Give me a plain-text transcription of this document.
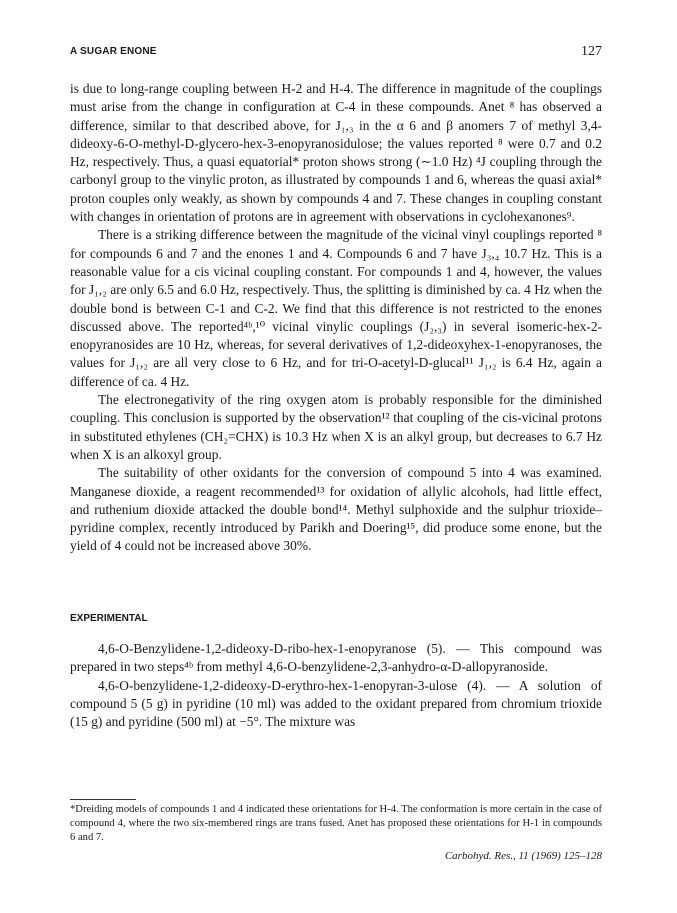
A SUGAR ENONE	127

is due to long-range coupling between H-2 and H-4. The difference in magnitude of the couplings must arise from the change in configuration at C-4 in these compounds. Anet ⁸ has observed a difference, similar to that described above, for J₁,₃ in the α 6 and β anomers 7 of methyl 3,4-dideoxy-6-O-methyl-D-glycero-hex-3-enopyranosidulose; the values reported ⁸ were 0.7 and 0.2 Hz, respectively. Thus, a quasi equatorial* proton shows strong (∼1.0 Hz) ⁴J coupling through the carbonyl group to the vinylic proton, as illustrated by compounds 1 and 6, whereas the quasi axial* proton couples only weakly, as shown by compounds 4 and 7. These changes in coupling constant with changes in orientation of protons are in agreement with observations in cyclohexanones⁹.

There is a striking difference between the magnitude of the vicinal vinyl couplings reported ⁸ for compounds 6 and 7 and the enones 1 and 4. Compounds 6 and 7 have J₃,₄ 10.7 Hz. This is a reasonable value for a cis vicinal coupling constant. For compounds 1 and 4, however, the values for J₁,₂ are only 6.5 and 6.0 Hz, respectively. Thus, the splitting is diminished by ca. 4 Hz when the double bond is between C-1 and C-2. We find that this difference is not restricted to the enones discussed above. The reported⁴ᵇ,¹⁰ vicinal vinylic couplings (J₂,₃) in several isomeric-hex-2-enopyranosides are 10 Hz, whereas, for several derivatives of 1,2-dideoxyhex-1-enopyranoses, the values for J₁,₂ are all very close to 6 Hz, and for tri-O-acetyl-D-glucal¹¹ J₁,₂ is 6.4 Hz, again a difference of ca. 4 Hz.

The electronegativity of the ring oxygen atom is probably responsible for the diminished coupling. This conclusion is supported by the observation¹² that coupling of the cis-vicinal protons in substituted ethylenes (CH₂=CHX) is 10.3 Hz when X is an alkyl group, but decreases to 6.7 Hz when X is an alkoxyl group.

The suitability of other oxidants for the conversion of compound 5 into 4 was examined. Manganese dioxide, a reagent recommended¹³ for oxidation of allylic alcohols, had little effect, and ruthenium dioxide attacked the double bond¹⁴. Methyl sulphoxide and the sulphur trioxide–pyridine complex, recently introduced by Parikh and Doering¹⁵, did produce some enone, but the yield of 4 could not be increased above 30%.

EXPERIMENTAL

4,6-O-Benzylidene-1,2-dideoxy-D-ribo-hex-1-enopyranose (5). — This compound was prepared in two steps⁴ᵇ from methyl 4,6-O-benzylidene-2,3-anhydro-α-D-allopyranoside.

4,6-O-benzylidene-1,2-dideoxy-D-erythro-hex-1-enopyran-3-ulose (4). — A solution of compound 5 (5 g) in pyridine (10 ml) was added to the oxidant prepared from chromium trioxide (15 g) and pyridine (500 ml) at −5°. The mixture was

*Dreiding models of compounds 1 and 4 indicated these orientations for H-4. The conformation is more certain in the case of compound 4, where the two six-membered rings are trans fused. Anet has proposed these orientations for H-1 in compounds 6 and 7.
Carbohyd. Res., 11 (1969) 125–128
